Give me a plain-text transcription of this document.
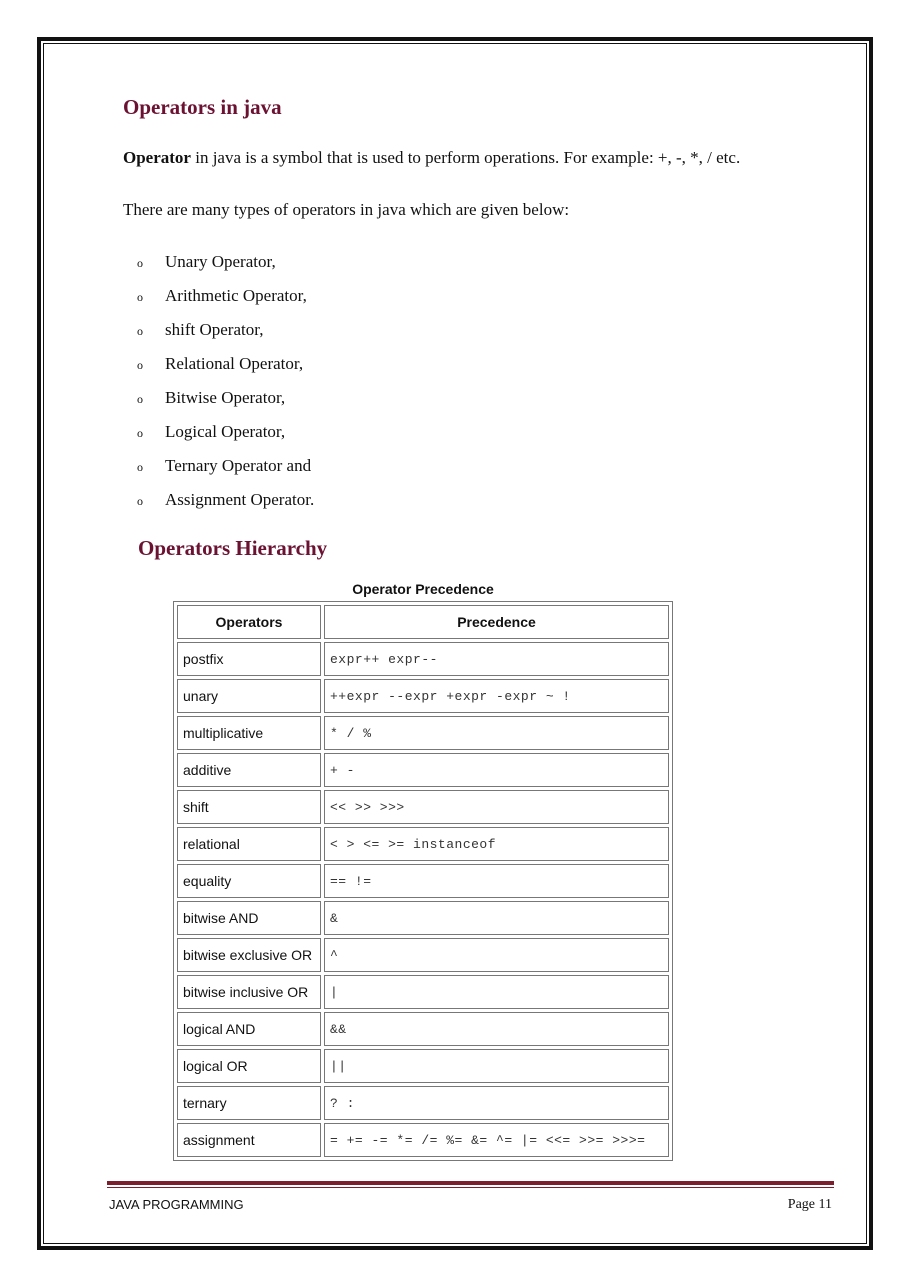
Operators in java

Operator in java is a symbol that is used to perform operations. For example: +, -, *, / etc.

There are many types of operators in java which are given below:

o	Unary Operator,
o	Arithmetic Operator,
o	shift Operator,
o	Relational Operator,
o	Bitwise Operator,
o	Logical Operator,
o	Ternary Operator and
o	Assignment Operator.
Operators Hierarchy
Operator Precedence
Operators	Precedence
postfix	expr++ expr--
unary	++expr --expr +expr -expr ~ !
multiplicative	* / %
additive	+ -
shift	<< >> >>>
relational	< > <= >= instanceof
equality	== !=
bitwise AND	&
bitwise exclusive OR	^
bitwise inclusive OR	|
logical AND	&&
logical OR	||
ternary	? :
assignment	= += -= *= /= %= &= ^= |= <<= >>= >>>=
JAVA PROGRAMMING	Page 11
